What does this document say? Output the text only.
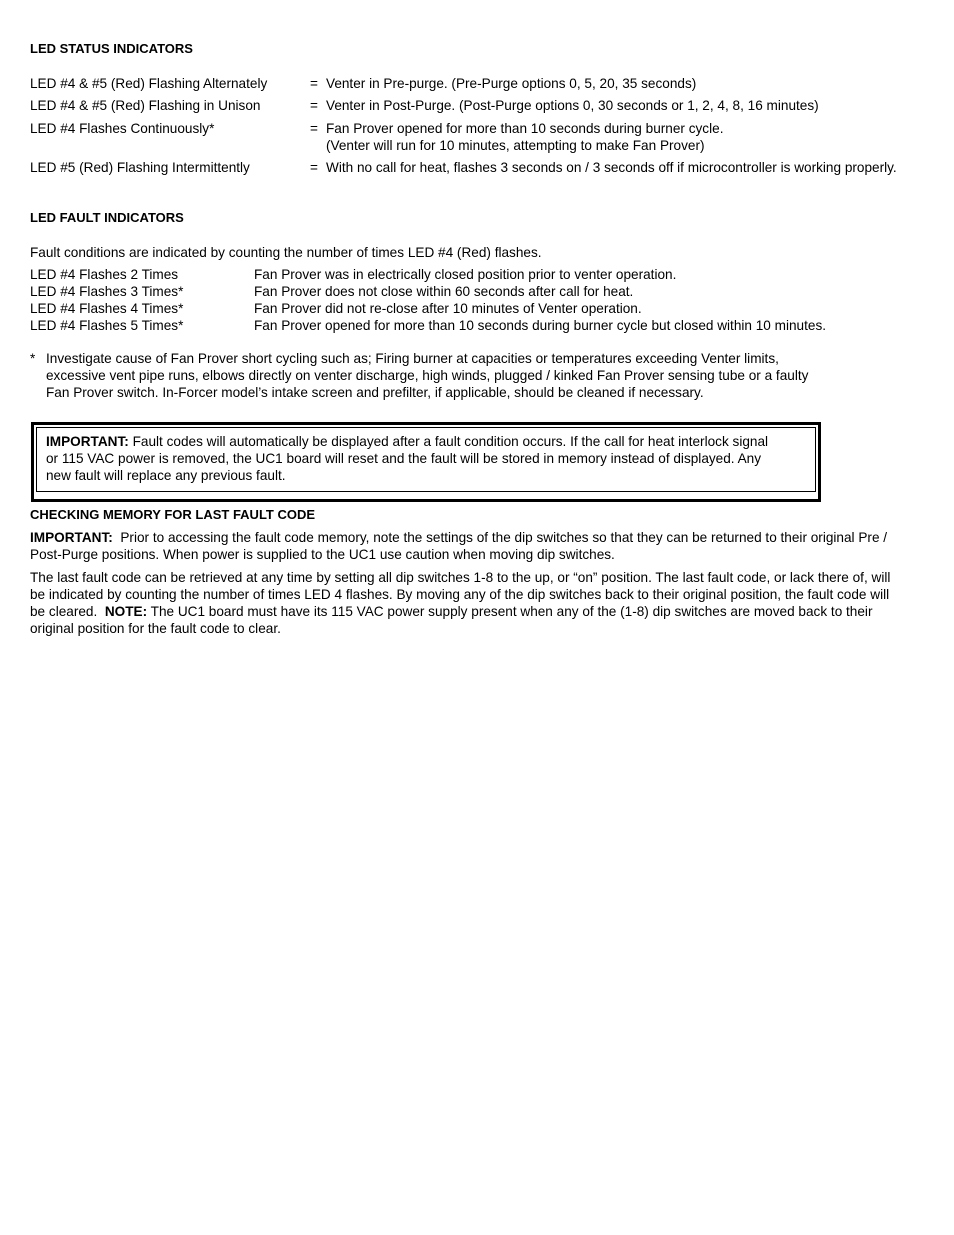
LED STATUS INDICATORS
LED #4 & #5 (Red) Flashing Alternately	= Venter in Pre-purge. (Pre-Purge options 0, 5, 20, 35 seconds)
LED #4 & #5 (Red) Flashing in Unison	= Venter in Post-Purge. (Post-Purge options 0, 30 seconds or 1, 2, 4, 8, 16 minutes)
LED #4 Flashes Continuously*	= Fan Prover opened for more than 10 seconds during burner cycle.
(Venter will run for 10 minutes, attempting to make Fan Prover)
LED #5 (Red) Flashing Intermittently	= With no call for heat, flashes 3 seconds on / 3 seconds off if microcontroller is working properly.
LED FAULT INDICATORS
Fault conditions are indicated by counting the number of times LED #4 (Red) flashes.
LED #4 Flashes 2 Times	Fan Prover was in electrically closed position prior to venter operation.
LED #4 Flashes 3 Times*	Fan Prover does not close within 60 seconds after call for heat.
LED #4 Flashes 4 Times*	Fan Prover did not re-close after 10 minutes of Venter operation.
LED #4 Flashes 5 Times*	Fan Prover opened for more than 10 seconds during burner cycle but closed within 10 minutes.
* Investigate cause of Fan Prover short cycling such as; Firing burner at capacities or temperatures exceeding Venter limits,
excessive vent pipe runs, elbows directly on venter discharge, high winds, plugged / kinked Fan Prover sensing tube or a faulty
Fan Prover switch. In-Forcer model’s intake screen and prefilter, if applicable, should be cleaned if necessary.
IMPORTANT: Fault codes will automatically be displayed after a fault condition occurs. If the call for heat interlock signal
or 115 VAC power is removed, the UC1 board will reset and the fault will be stored in memory instead of displayed. Any
new fault will replace any previous fault.
CHECKING MEMORY FOR LAST FAULT CODE
IMPORTANT:  Prior to accessing the fault code memory, note the settings of the dip switches so that they can be returned to their original Pre /
Post-Purge positions. When power is supplied to the UC1 use caution when moving dip switches.
The last fault code can be retrieved at any time by setting all dip switches 1-8 to the up, or “on” position. The last fault code, or lack there of, will
be indicated by counting the number of times LED 4 flashes. By moving any of the dip switches back to their original position, the fault code will
be cleared.  NOTE: The UC1 board must have its 115 VAC power supply present when any of the (1-8) dip switches are moved back to their
original position for the fault code to clear.
